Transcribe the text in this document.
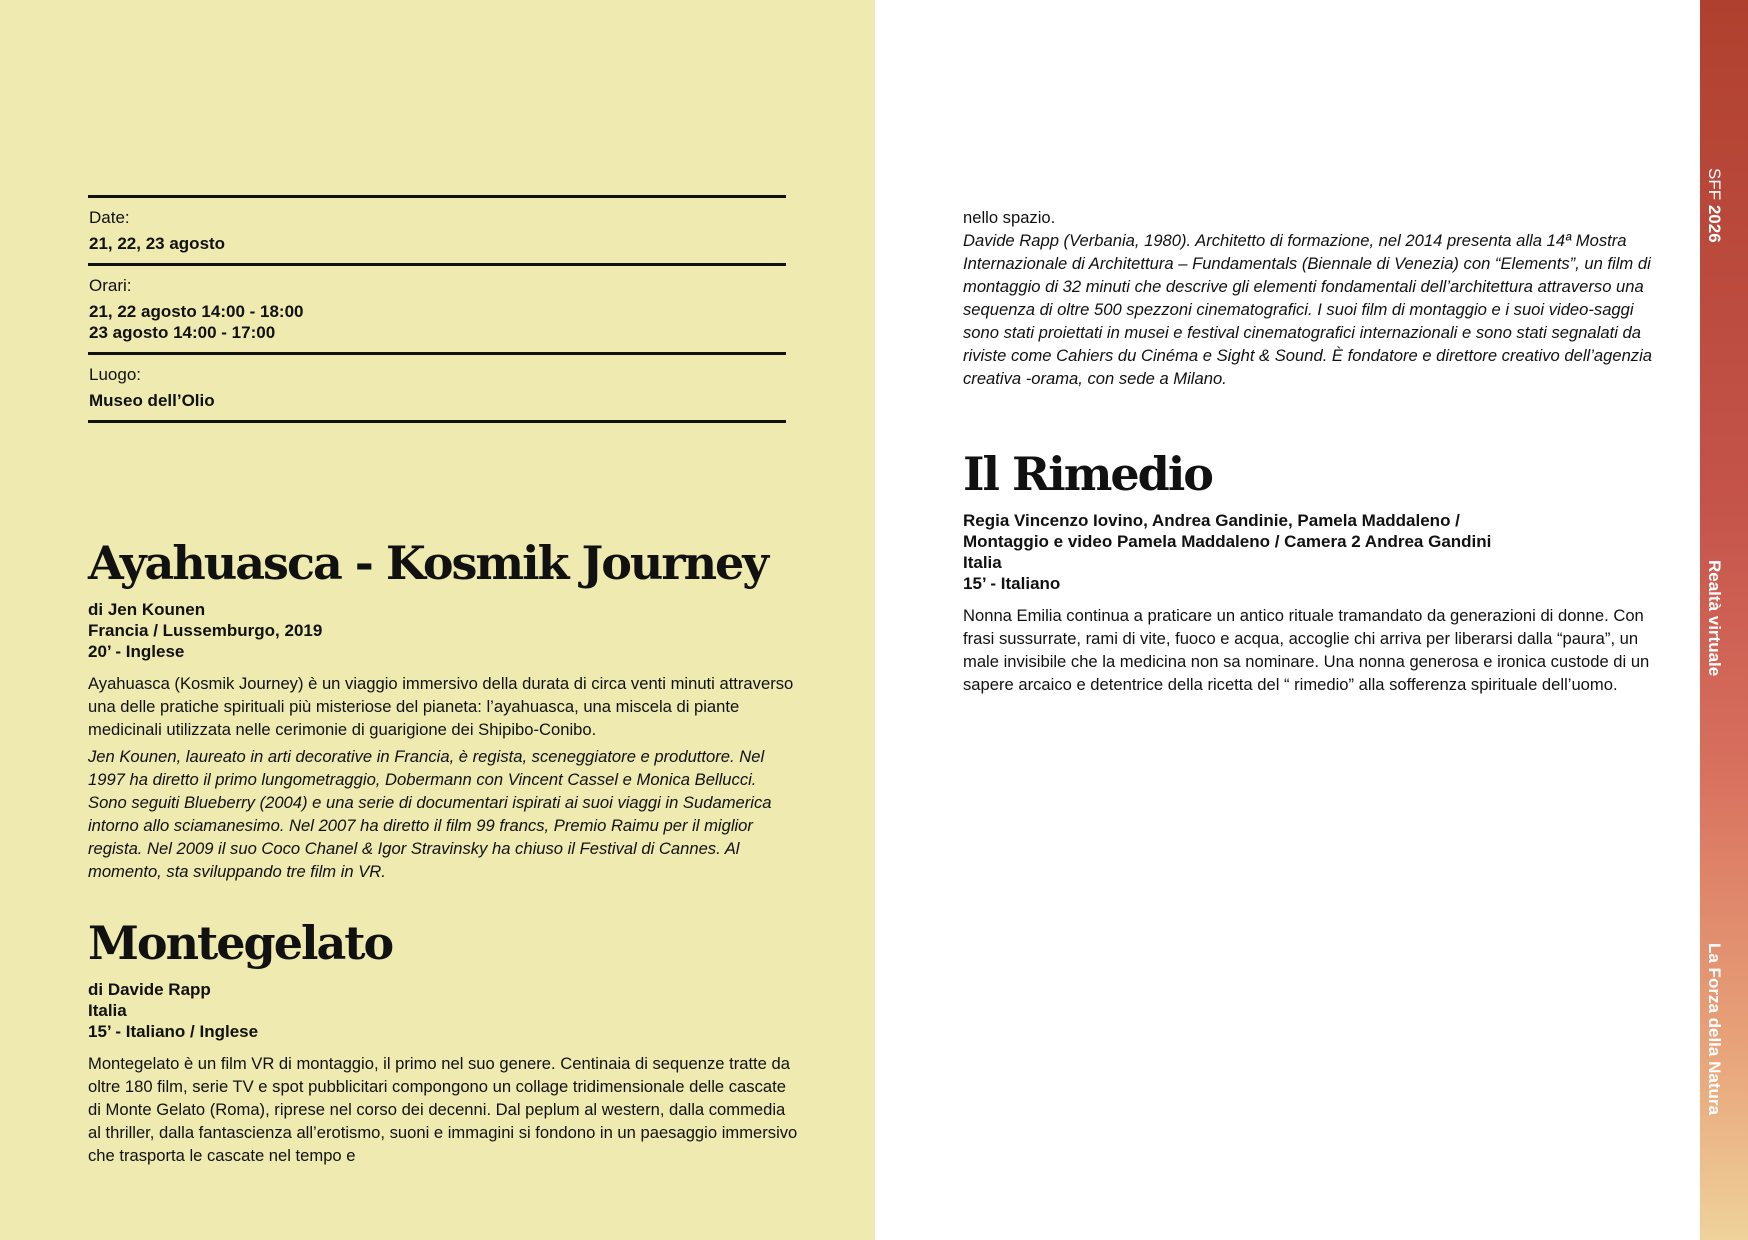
SFF 2026
Realtà virtuale
La Forza della Natura
Date:
21, 22, 23 agosto
Orari:
21, 22 agosto 14:00 - 18:00
23 agosto 14:00 - 17:00
Luogo:
Museo dell’Olio
Ayahuasca - Kosmik Journey
di Jen Kounen
Francia / Lussemburgo, 2019
20’ - Inglese
Ayahuasca (Kosmik Journey) è un viaggio immersivo della durata di circa venti minuti attraverso una delle pratiche spirituali più misteriose del pianeta: l’ayahuasca, una miscela di piante medicinali utilizzata nelle cerimonie di guarigione dei Shipibo-Conibo.
Jen Kounen, laureato in arti decorative in Francia, è regista, sceneggiatore e produttore. Nel 1997 ha diretto il primo lungometraggio, Dobermann con Vincent Cassel e Monica Bellucci. Sono seguiti Blueberry (2004) e una serie di documentari ispirati ai suoi viaggi in Sudamerica intorno allo sciamanesimo. Nel 2007 ha diretto il film 99 francs, Premio Raimu per il miglior regista. Nel 2009 il suo Coco Chanel & Igor Stravinsky ha chiuso il Festival di Cannes. Al momento, sta sviluppando tre film in VR.
Montegelato
di Davide Rapp
Italia
15’ - Italiano / Inglese
Montegelato è un film VR di montaggio, il primo nel suo genere. Centinaia di sequenze tratte da oltre 180 film, serie TV e spot pubblicitari compongono un collage tridimensionale delle cascate di Monte Gelato (Roma), riprese nel corso dei decenni. Dal peplum al western, dalla commedia al thriller, dalla fantascienza all’erotismo, suoni e immagini si fondono in un paesaggio immersivo che trasporta le cascate nel tempo e
nello spazio.
Davide Rapp (Verbania, 1980). Architetto di formazione, nel 2014 presenta alla 14ª Mostra Internazionale di Architettura – Fundamentals (Biennale di Venezia) con “Elements”, un film di montaggio di 32 minuti che descrive gli elementi fondamentali dell’architettura attraverso una sequenza di oltre 500 spezzoni cinematografici. I suoi film di montaggio e i suoi video-saggi sono stati proiettati in musei e festival cinematografici internazionali e sono stati segnalati da riviste come Cahiers du Cinéma e Sight & Sound. È fondatore e direttore creativo dell’agenzia creativa -orama, con sede a Milano.
Il Rimedio
Regia Vincenzo Iovino, Andrea Gandinie, Pamela Maddaleno /
Montaggio e video Pamela Maddaleno / Camera 2 Andrea Gandini
Italia
15’ - Italiano
Nonna Emilia continua a praticare un antico rituale tramandato da generazioni di donne. Con frasi sussurrate, rami di vite, fuoco e acqua, accoglie chi arriva per liberarsi dalla “paura”, un male invisibile che la medicina non sa nominare. Una nonna generosa e ironica custode di un sapere arcaico e detentrice della ricetta del “ rimedio” alla sofferenza spirituale dell’uomo.
